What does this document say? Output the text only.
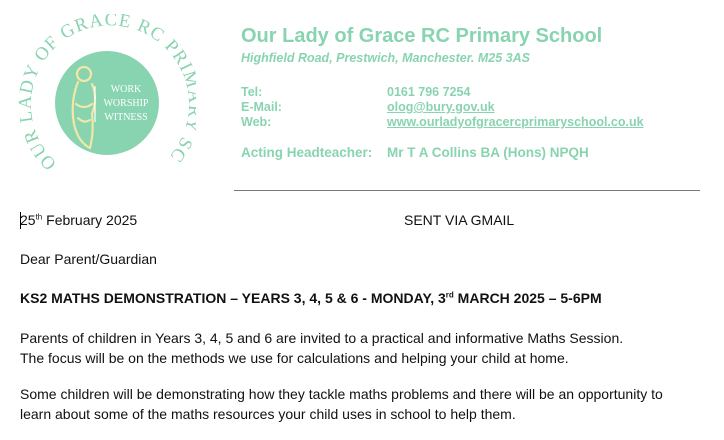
OUR L DY OF GRACE RC PRI SC
WORK
WORSHIP
WITNESS
Our Lady of Grace RC Primary School
Highfield Road, Prestwich, Manchester. M25 3AS
Tel:	0161 796 7254
E-Mail:	olog@bury.gov.uk
Web:	www.ourladyofgracercprimaryschool.co.uk
Acting Headteacher: Mr T A Collins BA (Hons) NPQH
25th February 2025	SENT VIA GMAIL
Dear Parent/Guardian
KS2 MATHS DEMONSTRATION – YEARS 3, 4, 5 & 6 - MONDAY, 3rd MARCH 2025 – 5-6PM
Parents of children in Years 3, 4, 5 and 6 are invited to a practical and informative Maths Session.
The focus will be on the methods we use for calculations and helping your child at home.
Some children will be demonstrating how they tackle maths problems and there will be an opportunity to
learn about some of the maths resources your child uses in school to help them.
